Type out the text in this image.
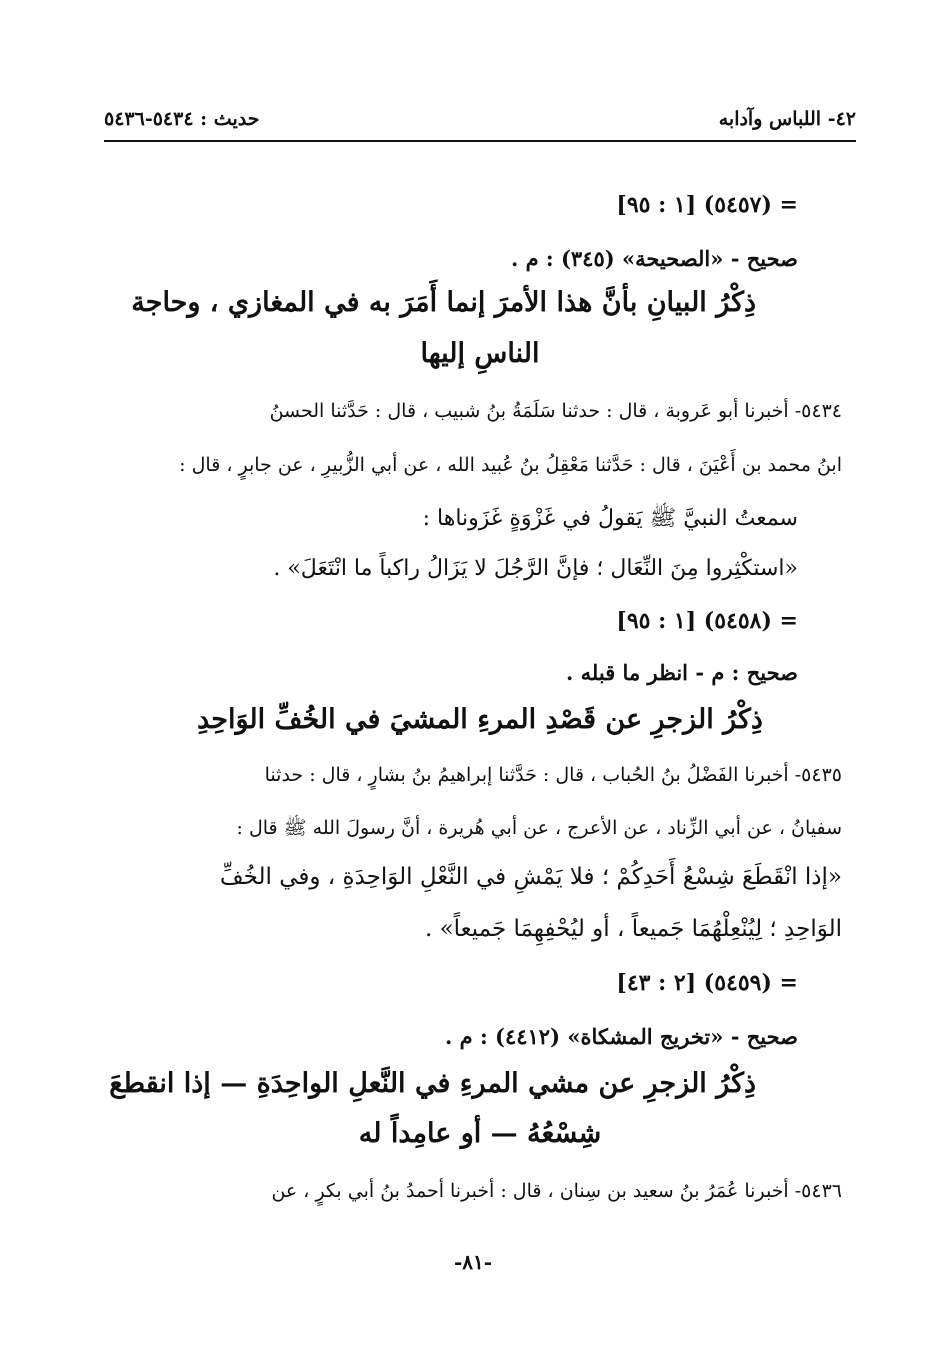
٤٢- اللباس وآدابه
حديث : ٥٤٣٤-٥٤٣٦
= (٥٤٥٧) [١ : ٩٥]
صحيح - «الصحيحة» (٣٤٥) : م .
ذِكْرُ البيانِ بأنَّ هذا الأمرَ إنما أَمَرَ به في المغازي ، وحاجة
الناسِ إليها
٥٤٣٤- أخبرنا أبو عَروبة ، قال : حدثنا سَلَمَةُ بنُ شبيب ، قال : حَدَّثنا الحسنُ
ابنُ محمد بن أَعْيَنَ ، قال : حَدَّثنا مَعْقِلُ بنُ عُبيد الله ، عن أبي الزُّبيرِ ، عن جابرٍ ، قال :
سمعتُ النبيَّ ﷺ يَقولُ في غَزْوَةٍ غَزَوناها :
«استكْثِروا مِنَ النِّعَال ؛ فإنَّ الرَّجُلَ لا يَزَالُ راكباً ما انْتَعَلَ» .
= (٥٤٥٨) [١ : ٩٥]
صحيح : م - انظر ما قبله .
ذِكْرُ الزجرِ عن قَصْدِ المرءِ المشيَ في الخُفِّ الوَاحِدِ
٥٤٣٥- أخبرنا الفَضْلُ بنُ الحُباب ، قال : حَدَّثنا إبراهيمُ بنُ بشارٍ ، قال : حدثنا
سفيانُ ، عن أبي الزِّناد ، عن الأعرج ، عن أبي هُريرة ، أنَّ رسولَ الله ﷺ قال :
«إذا انْقَطَعَ شِسْعُ أَحَدِكُمْ ؛ فلا يَمْشِ في النَّعْلِ الوَاحِدَةِ ، وفي الخُفِّ
الوَاحِدِ ؛ لِيُنْعِلْهُمَا جَميعاً ، أو ليُحْفِهِمَا جَميعاً» .
= (٥٤٥٩) [٢ : ٤٣]
صحيح - «تخريج المشكاة» (٤٤١٢) : م .
ذِكْرُ الزجرِ عن مشي المرءِ في النَّعلِ الواحِدَةِ — إذا انقطعَ
شِسْعُهُ — أو عامِداً له
٥٤٣٦- أخبرنا عُمَرُ بنُ سعيد بن سِنان ، قال : أخبرنا أحمدُ بنُ أبي بكرٍ ، عن
-٨١-
